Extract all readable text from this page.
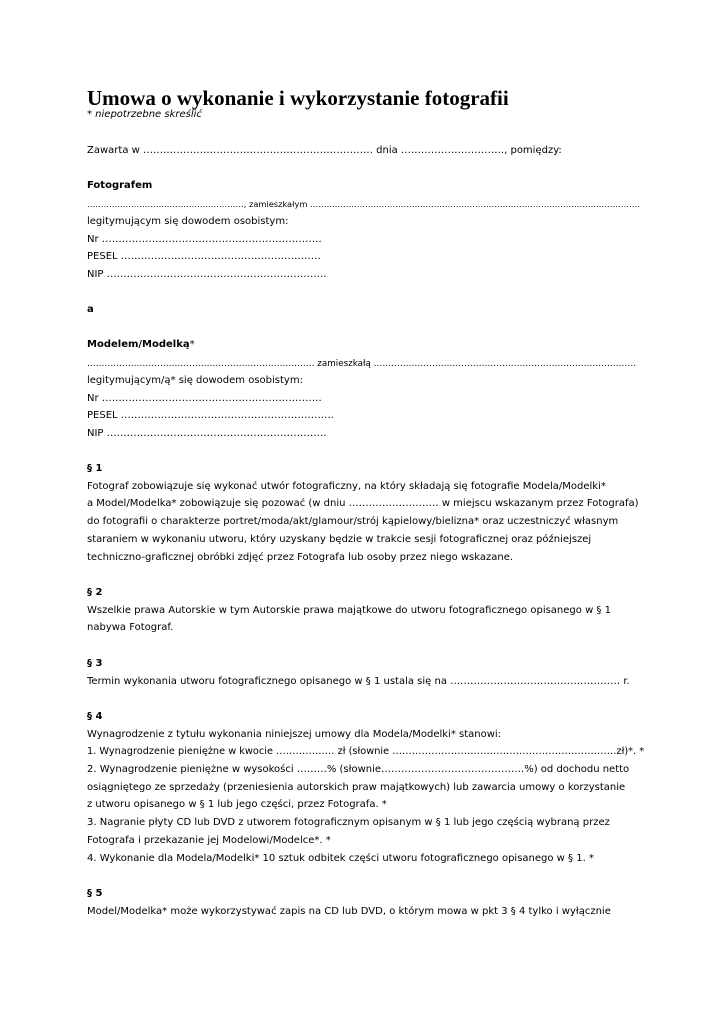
Umowa o wykonanie i wykorzystanie fotografii
* niepotrzebne skreślić
Zawarta w …………………………………………………………… dnia …………………………., pomiędzy:
Fotografem
…………………………………………………, zamieszkałym …………………………………………………………………………………………………………
legitymującym się dowodem osobistym:
Nr …………………………………………………………
PESEL ……………………………………………………
NIP …………………………………………………………
a
Modelem/Modelką*
…………………………………………………………………… zamieszkałą ………………………………………………………………………………
legitymującym/ą* się dowodem osobistym:
Nr …………………………………………………………
PESEL ……………………………………………………….
NIP …………………………………………………………
§ 1
Fotograf zobowiązuje się wykonać utwór fotograficzny, na który składają się fotografie Modela/Modelki*
a Model/Modelka* zobowiązuje się pozować (w dniu ……………………… w miejscu wskazanym przez Fotografa)
do fotografii o charakterze portret/moda/akt/glamour/strój kąpielowy/bielizna* oraz uczestniczyć własnym
staraniem w wykonaniu utworu, który uzyskany będzie w trakcie sesji fotograficznej oraz późniejszej
techniczno-graficznej obróbki zdjęć przez Fotografa lub osoby przez niego wskazane.
§ 2
Wszelkie prawa Autorskie w tym Autorskie prawa majątkowe do utworu fotograficznego opisanego w § 1
nabywa Fotograf.
§ 3
Termin wykonania utworu fotograficznego opisanego w § 1 ustala się na …………………………………………… r.
§ 4
Wynagrodzenie z tytułu wykonania niniejszej umowy dla Modela/Modelki* stanowi:
1. Wynagrodzenie pieniężne w kwocie ……………… zł (słownie ……………………………………………………………zł)*. *
2. Wynagrodzenie pieniężne w wysokości ………% (słownie…………………………………….%) od dochodu netto
osiągniętego ze sprzedaży (przeniesienia autorskich praw majątkowych) lub zawarcia umowy o korzystanie
z utworu opisanego w § 1 lub jego części, przez Fotografa. *
3. Nagranie płyty CD lub DVD z utworem fotograficznym opisanym w § 1 lub jego częścią wybraną przez
Fotografa i przekazanie jej Modelowi/Modelce*. *
4. Wykonanie dla Modela/Modelki* 10 sztuk odbitek części utworu fotograficznego opisanego w § 1. *
§ 5
Model/Modelka* może wykorzystywać zapis na CD lub DVD, o którym mowa w pkt 3 § 4 tylko i wyłącznie
